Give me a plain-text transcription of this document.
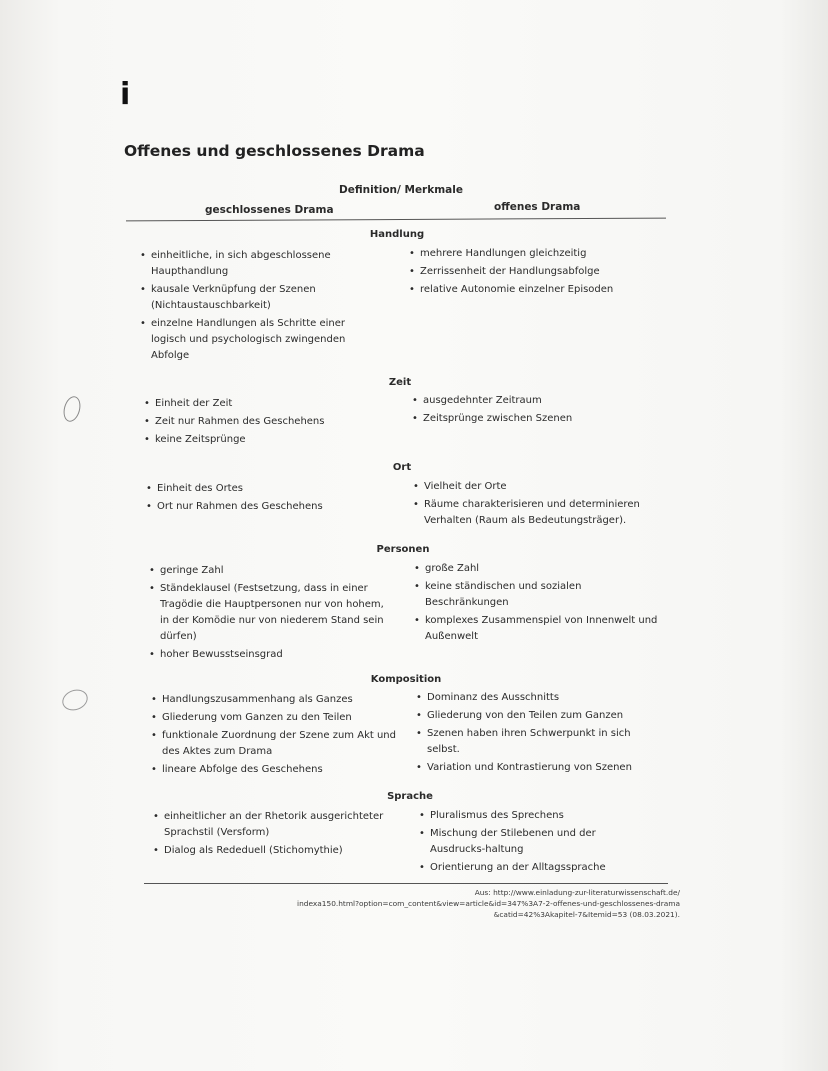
i
Offenes und geschlossenes Drama
Definition/ Merkmale
geschlossenes Drama	offenes Drama
Handlung
• einheitliche, in sich abgeschlossene Haupthandlung
• kausale Verknüpfung der Szenen (Nichtaustauschbarkeit)
• einzelne Handlungen als Schritte einer logisch und psychologisch zwingenden Abfolge
• mehrere Handlungen gleichzeitig
• Zerrissenheit der Handlungsabfolge
• relative Autonomie einzelner Episoden
Zeit
• Einheit der Zeit
• Zeit nur Rahmen des Geschehens
• keine Zeitsprünge
• ausgedehnter Zeitraum
• Zeitsprünge zwischen Szenen
Ort
• Einheit des Ortes
• Ort nur Rahmen des Geschehens
• Vielheit der Orte
• Räume charakterisieren und determinieren Verhalten (Raum als Bedeutungsträger).
Personen
• geringe Zahl
• Ständeklausel (Festsetzung, dass in einer Tragödie die Hauptpersonen nur von hohem, in der Komödie nur von niederem Stand sein dürfen)
• hoher Bewusstseinsgrad
• große Zahl
• keine ständischen und sozialen Beschränkungen
• komplexes Zusammenspiel von Innenwelt und Außenwelt
Komposition
• Handlungszusammenhang als Ganzes
• Gliederung vom Ganzen zu den Teilen
• funktionale Zuordnung der Szene zum Akt und des Aktes zum Drama
• lineare Abfolge des Geschehens
• Dominanz des Ausschnitts
• Gliederung von den Teilen zum Ganzen
• Szenen haben ihren Schwerpunkt in sich selbst.
• Variation und Kontrastierung von Szenen
Sprache
• einheitlicher an der Rhetorik ausgerichteter Sprachstil (Versform)
• Dialog als Rededuell (Stichomythie)
• Pluralismus des Sprechens
• Mischung der Stilebenen und der Ausdrucks-haltung
• Orientierung an der Alltagssprache
Aus: http://www.einladung-zur-literaturwissenschaft.de/
indexa150.html?option=com_content&view=article&id=347%3A7-2-offenes-und-geschlossenes-drama
&catid=42%3Akapitel-7&Itemid=53 (08.03.2021).
